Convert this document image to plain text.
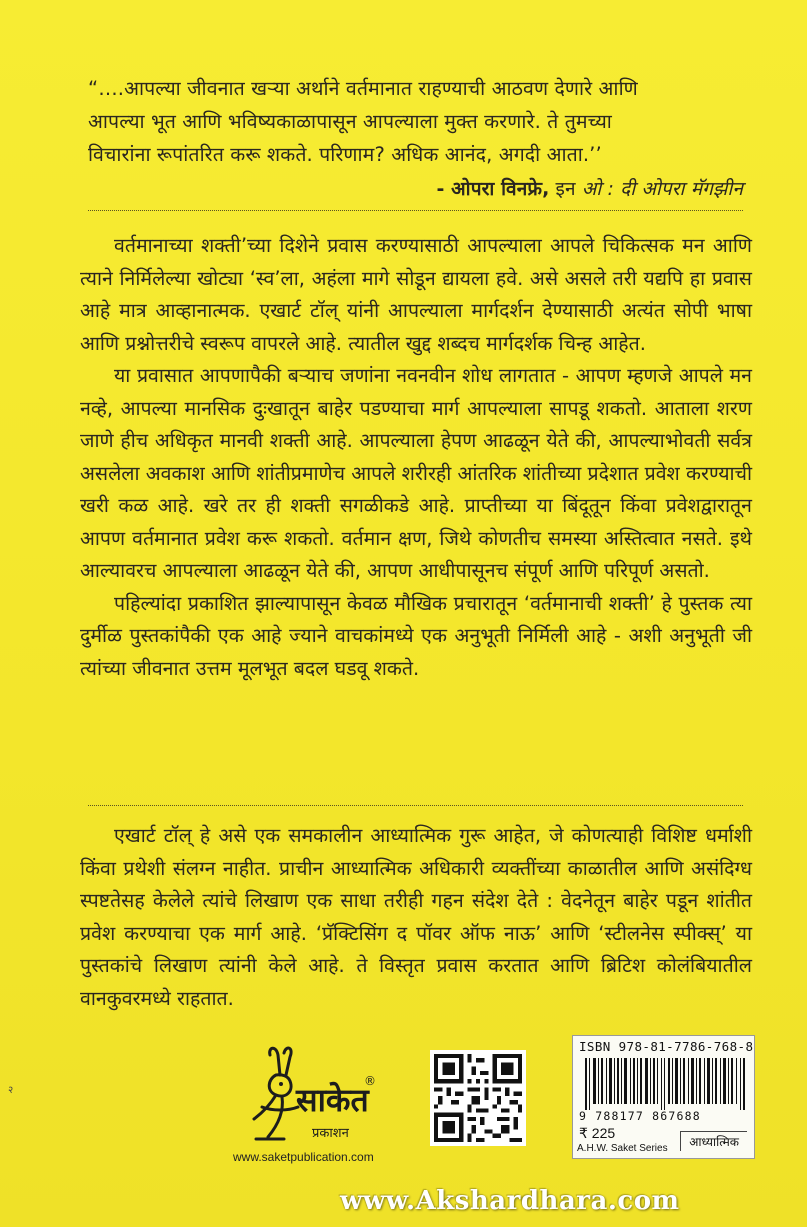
“….आपल्या जीवनात खऱ्या अर्थाने वर्तमानात राहण्याची आठवण देणारे आणि

आपल्या भूत आणि भविष्यकाळापासून आपल्याला मुक्त करणारे. ते तुमच्या

विचारांना रूपांतरित करू शकते. परिणाम? अधिक आनंद, अगदी आता.’’

- ओपरा विनफ्रे, इन ओ : दी ओपरा मॅगझीन

वर्तमानाच्या शक्ती’च्या दिशेने प्रवास करण्यासाठी आपल्याला आपले चिकित्सक मन आणि त्याने निर्मिलेल्या खोट्या ‘स्व’ला, अहंला मागे सोडून द्यायला हवे. असे असले तरी यद्यपि हा प्रवास आहे मात्र आव्हानात्मक. एखार्ट टॉल् यांनी आपल्याला मार्गदर्शन देण्यासाठी अत्यंत सोपी भाषा आणि प्रश्नोत्तरीचे स्वरूप वापरले आहे. त्यातील खुद्द शब्दच मार्गदर्शक चिन्ह आहेत.

या प्रवासात आपणापैकी बऱ्याच जणांना नवनवीन शोध लागतात - आपण म्हणजे आपले मन नव्हे, आपल्या मानसिक दुःखातून बाहेर पडण्याचा मार्ग आपल्याला सापडू शकतो. आताला शरण जाणे हीच अधिकृत मानवी शक्ती आहे. आपल्याला हेपण आढळून येते की, आपल्याभोवती सर्वत्र असलेला अवकाश आणि शांतीप्रमाणेच आपले शरीरही आंतरिक शांतीच्या प्रदेशात प्रवेश करण्याची खरी कळ आहे. खरे तर ही शक्ती सगळीकडे आहे. प्राप्तीच्या या बिंदूतून किंवा प्रवेशद्वारातून आपण वर्तमानात प्रवेश करू शकतो. वर्तमान क्षण, जिथे कोणतीच समस्या अस्तित्वात नसते. इथे आल्यावरच आपल्याला आढळून येते की, आपण आधीपासूनच संपूर्ण आणि परिपूर्ण असतो.

पहिल्यांदा प्रकाशित झाल्यापासून केवळ मौखिक प्रचारातून ‘वर्तमानाची शक्ती’ हे पुस्तक त्या दुर्मीळ पुस्तकांपैकी एक आहे ज्याने वाचकांमध्ये एक अनुभूती निर्मिली आहे - अशी अनुभूती जी त्यांच्या जीवनात उत्तम मूलभूत बदल घडवू शकते.

एखार्ट टॉल् हे असे एक समकालीन आध्यात्मिक गुरू आहेत, जे कोणत्याही विशिष्ट धर्माशी किंवा प्रथेशी संलग्न नाहीत. प्राचीन आध्यात्मिक अधिकारी व्यक्तींच्या काळातील आणि असंदिग्ध स्पष्टतेसह केलेले त्यांचे लिखाण एक साधा तरीही गहन संदेश देते : वेदनेतून बाहेर पडून शांतीत प्रवेश करण्याचा एक मार्ग आहे. ‘प्रॅक्टिसिंग द पॉवर ऑफ नाऊ’ आणि ‘स्टीलनेस स्पीक्स्’ या पुस्तकांचे लिखाण त्यांनी केले आहे. ते विस्तृत प्रवास करतात आणि ब्रिटिश कोलंबियातील वानकुवरमध्ये राहतात.

साकेत
प्रकाशन
®
www.saketpublication.com
ISBN 978-81-7786-768-8
9 788177 867688
₹ 225
A.H.W. Saket Series	आध्यात्मिक
२
www.Akshardhara.com
